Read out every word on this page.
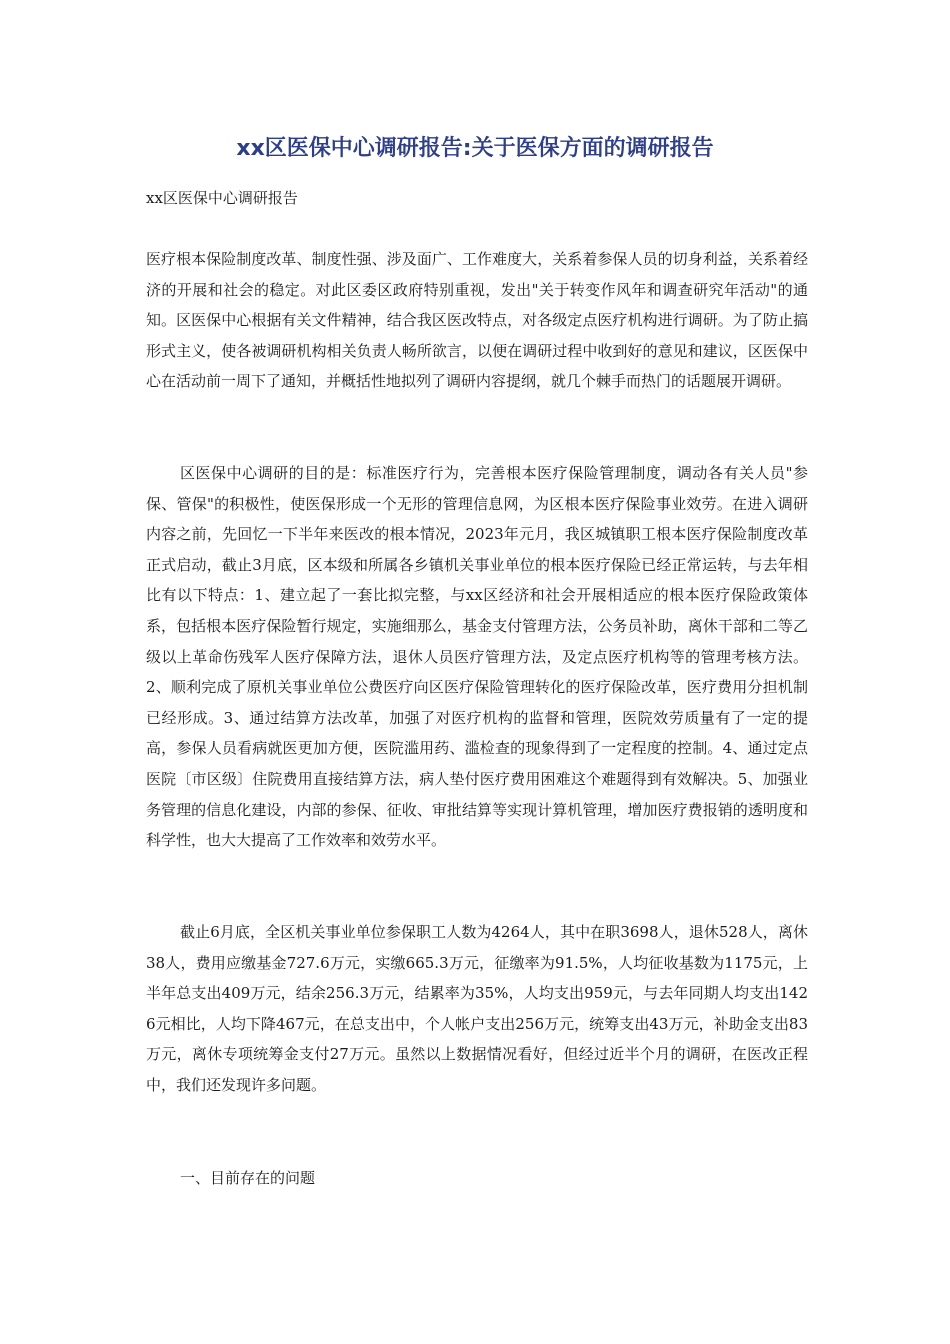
xx区医保中心调研报告:关于医保方面的调研报告

xx区医保中心调研报告

医疗根本保险制度改革、制度性强、涉及面广、工作难度大，关系着参保人员的切身利益，关系着经济的开展和社会的稳定。对此区委区政府特别重视，发出"关于转变作风年和调查研究年活动"的通知。区医保中心根据有关文件精神，结合我区医改特点，对各级定点医疗机构进行调研。为了防止搞形式主义，使各被调研机构相关负责人畅所欲言，以便在调研过程中收到好的意见和建议，区医保中心在活动前一周下了通知，并概括性地拟列了调研内容提纲，就几个棘手而热门的话题展开调研。

区医保中心调研的目的是：标准医疗行为，完善根本医疗保险管理制度，调动各有关人员"参保、管保"的积极性，使医保形成一个无形的管理信息网，为区根本医疗保险事业效劳。在进入调研内容之前，先回忆一下半年来医改的根本情况，2023年元月，我区城镇职工根本医疗保险制度改革正式启动，截止3月底，区本级和所属各乡镇机关事业单位的根本医疗保险已经正常运转，与去年相比有以下特点：1、建立起了一套比拟完整，与xx区经济和社会开展相适应的根本医疗保险政策体系，包括根本医疗保险暂行规定，实施细那么，基金支付管理方法，公务员补助，离休干部和二等乙级以上革命伤残军人医疗保障方法，退休人员医疗管理方法，及定点医疗机构等的管理考核方法。2、顺利完成了原机关事业单位公费医疗向区医疗保险管理转化的医疗保险改革，医疗费用分担机制已经形成。3、通过结算方法改革，加强了对医疗机构的监督和管理，医院效劳质量有了一定的提高，参保人员看病就医更加方便，医院滥用药、滥检查的现象得到了一定程度的控制。4、通过定点医院〔市区级〕住院费用直接结算方法，病人垫付医疗费用困难这个难题得到有效解决。5、加强业务管理的信息化建设，内部的参保、征收、审批结算等实现计算机管理，增加医疗费报销的透明度和科学性，也大大提高了工作效率和效劳水平。

截止6月底，全区机关事业单位参保职工人数为4264人，其中在职3698人，退休528人，离休38人，费用应缴基金727.6万元，实缴665.3万元，征缴率为91.5%，人均征收基数为1175元，上半年总支出409万元，结余256.3万元，结累率为35%，人均支出959元，与去年同期人均支出1426元相比，人均下降467元，在总支出中，个人帐户支出256万元，统筹支出43万元，补助金支出83万元，离休专项统筹金支付27万元。虽然以上数据情况看好，但经过近半个月的调研，在医改正程中，我们还发现许多问题。

一、目前存在的问题
